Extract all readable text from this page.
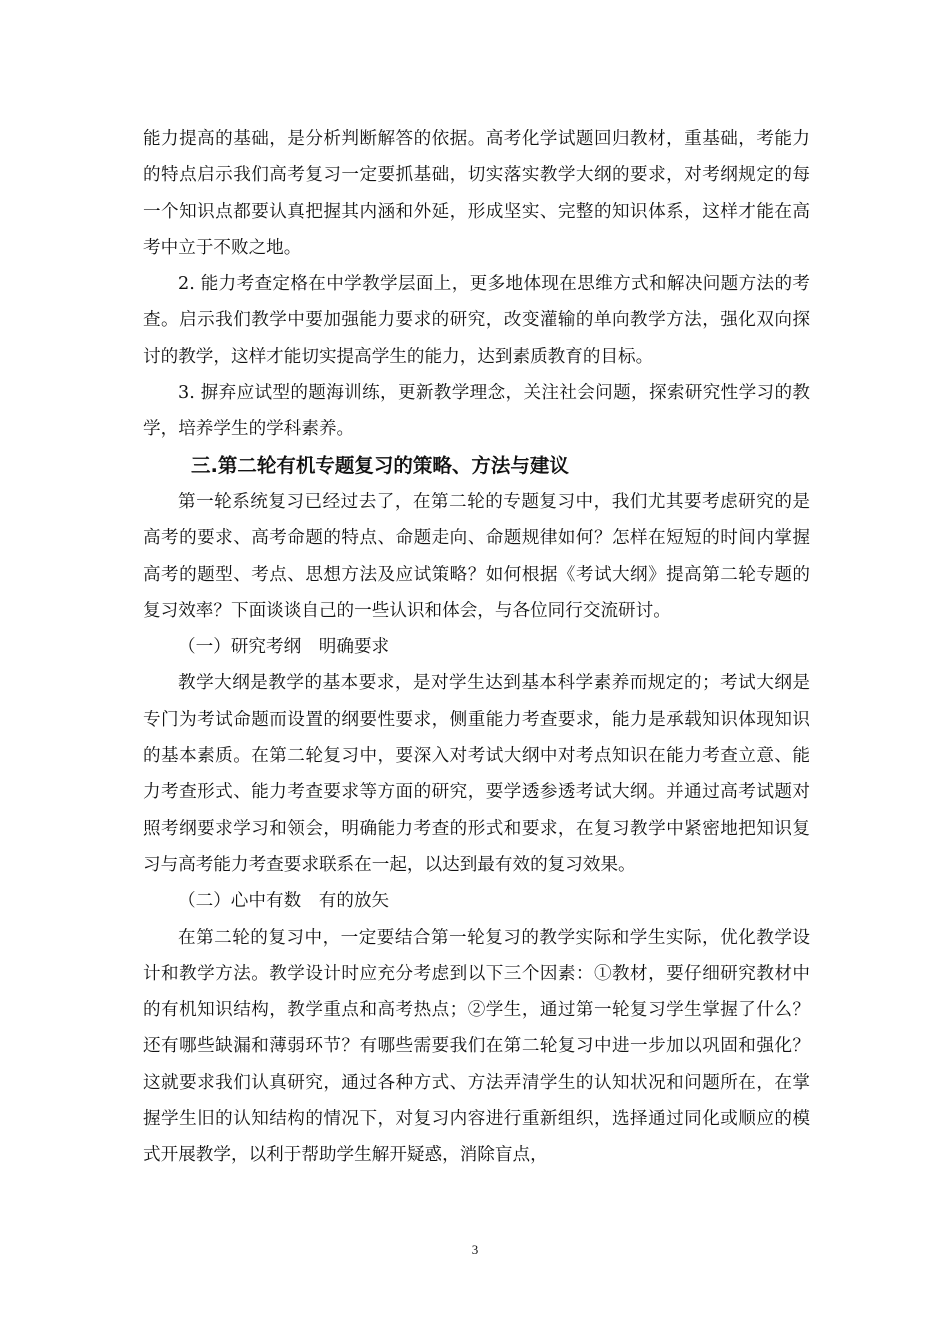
能力提高的基础，是分析判断解答的依据。高考化学试题回归教材，重基础，考能力的特点启示我们高考复习一定要抓基础，切实落实教学大纲的要求，对考纲规定的每一个知识点都要认真把握其内涵和外延，形成坚实、完整的知识体系，这样才能在高考中立于不败之地。

2. 能力考查定格在中学教学层面上，更多地体现在思维方式和解决问题方法的考查。启示我们教学中要加强能力要求的研究，改变灌输的单向教学方法，强化双向探讨的教学，这样才能切实提高学生的能力，达到素质教育的目标。

3. 摒弃应试型的题海训练，更新教学理念，关注社会问题，探索研究性学习的教学，培养学生的学科素养。

三.第二轮有机专题复习的策略、方法与建议

第一轮系统复习已经过去了，在第二轮的专题复习中，我们尤其要考虑研究的是高考的要求、高考命题的特点、命题走向、命题规律如何？怎样在短短的时间内掌握高考的题型、考点、思想方法及应试策略？如何根据《考试大纲》提高第二轮专题的复习效率？下面谈谈自己的一些认识和体会，与各位同行交流研讨。

（一）研究考纲　明确要求

教学大纲是教学的基本要求，是对学生达到基本科学素养而规定的；考试大纲是专门为考试命题而设置的纲要性要求，侧重能力考查要求，能力是承载知识体现知识的基本素质。在第二轮复习中，要深入对考试大纲中对考点知识在能力考查立意、能力考查形式、能力考查要求等方面的研究，要学透参透考试大纲。并通过高考试题对照考纲要求学习和领会，明确能力考查的形式和要求，在复习教学中紧密地把知识复习与高考能力考查要求联系在一起，以达到最有效的复习效果。

（二）心中有数　有的放矢

在第二轮的复习中，一定要结合第一轮复习的教学实际和学生实际，优化教学设计和教学方法。教学设计时应充分考虑到以下三个因素：①教材，要仔细研究教材中的有机知识结构，教学重点和高考热点；②学生，通过第一轮复习学生掌握了什么？还有哪些缺漏和薄弱环节？有哪些需要我们在第二轮复习中进一步加以巩固和强化？这就要求我们认真研究，通过各种方式、方法弄清学生的认知状况和问题所在，在掌握学生旧的认知结构的情况下，对复习内容进行重新组织，选择通过同化或顺应的模式开展教学，以利于帮助学生解开疑惑，消除盲点，

3
